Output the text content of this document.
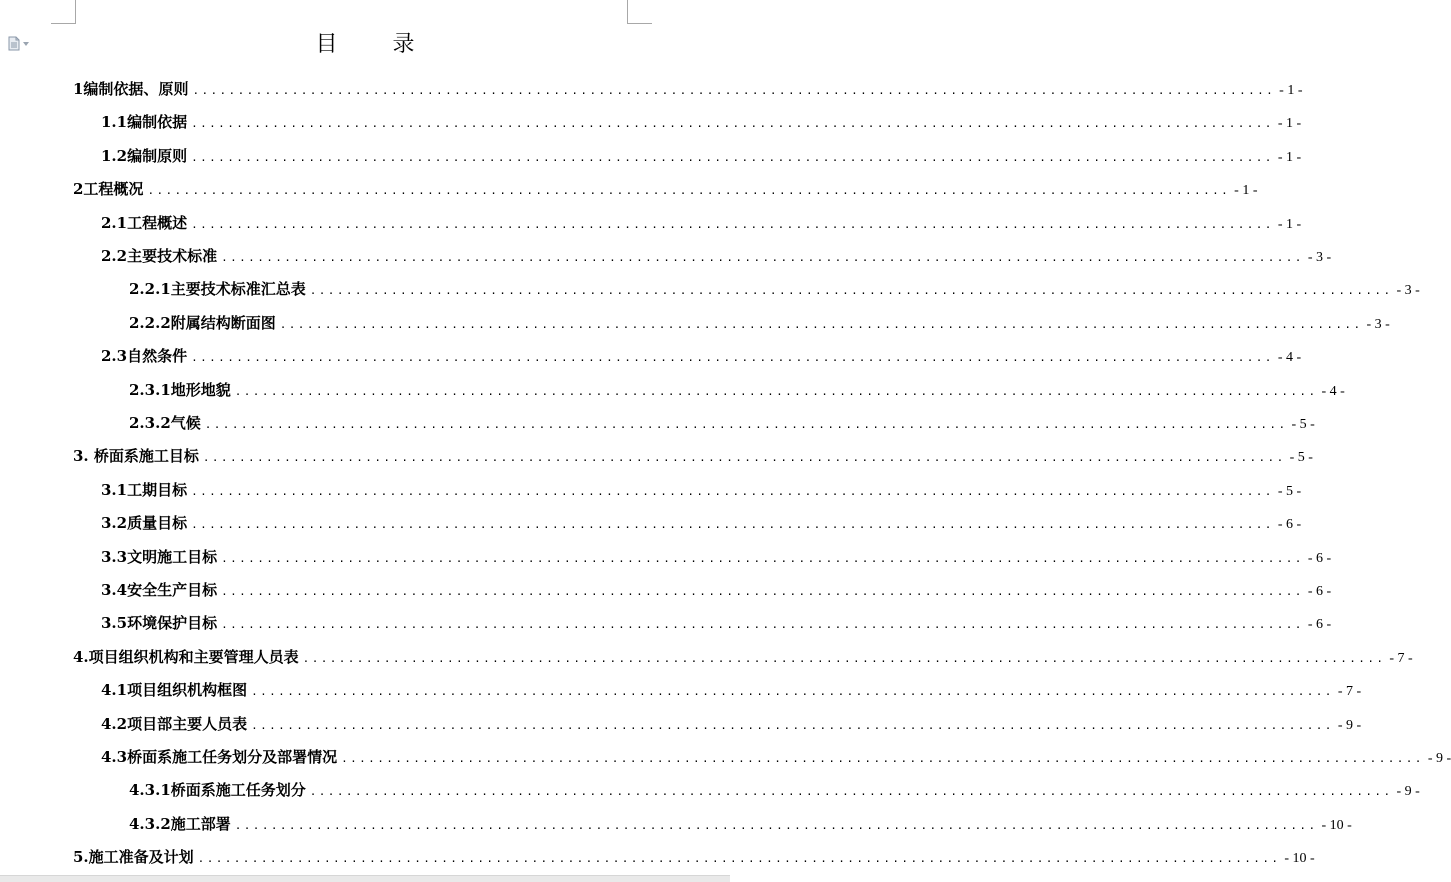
目 录
1编制依据、原则 ........................................................................................................................ - 1 -
1.1编制依据 ........................................................................................................................ - 1 -
1.2编制原则 ........................................................................................................................ - 1 -
2工程概况 ........................................................................................................................ - 1 -
2.1工程概述 ........................................................................................................................ - 1 -
2.2主要技术标准 ........................................................................................................................ - 3 -
2.2.1主要技术标准汇总表 ........................................................................................................................ - 3 -
2.2.2附属结构断面图 ........................................................................................................................ - 3 -
2.3自然条件 ........................................................................................................................ - 4 -
2.3.1地形地貌 ........................................................................................................................ - 4 -
2.3.2气候 ........................................................................................................................ - 5 -
3. 桥面系施工目标 ........................................................................................................................ - 5 -
3.1工期目标 ........................................................................................................................ - 5 -
3.2质量目标 ........................................................................................................................ - 6 -
3.3文明施工目标 ........................................................................................................................ - 6 -
3.4安全生产目标 ........................................................................................................................ - 6 -
3.5环境保护目标 ........................................................................................................................ - 6 -
4.项目组织机构和主要管理人员表 ........................................................................................................................ - 7 -
4.1项目组织机构框图 ........................................................................................................................ - 7 -
4.2项目部主要人员表 ........................................................................................................................ - 9 -
4.3桥面系施工任务划分及部署情况 ........................................................................................................................ - 9 -
4.3.1桥面系施工任务划分 ........................................................................................................................ - 9 -
4.3.2施工部署 ........................................................................................................................ - 10 -
5.施工准备及计划 ........................................................................................................................ - 10 -
